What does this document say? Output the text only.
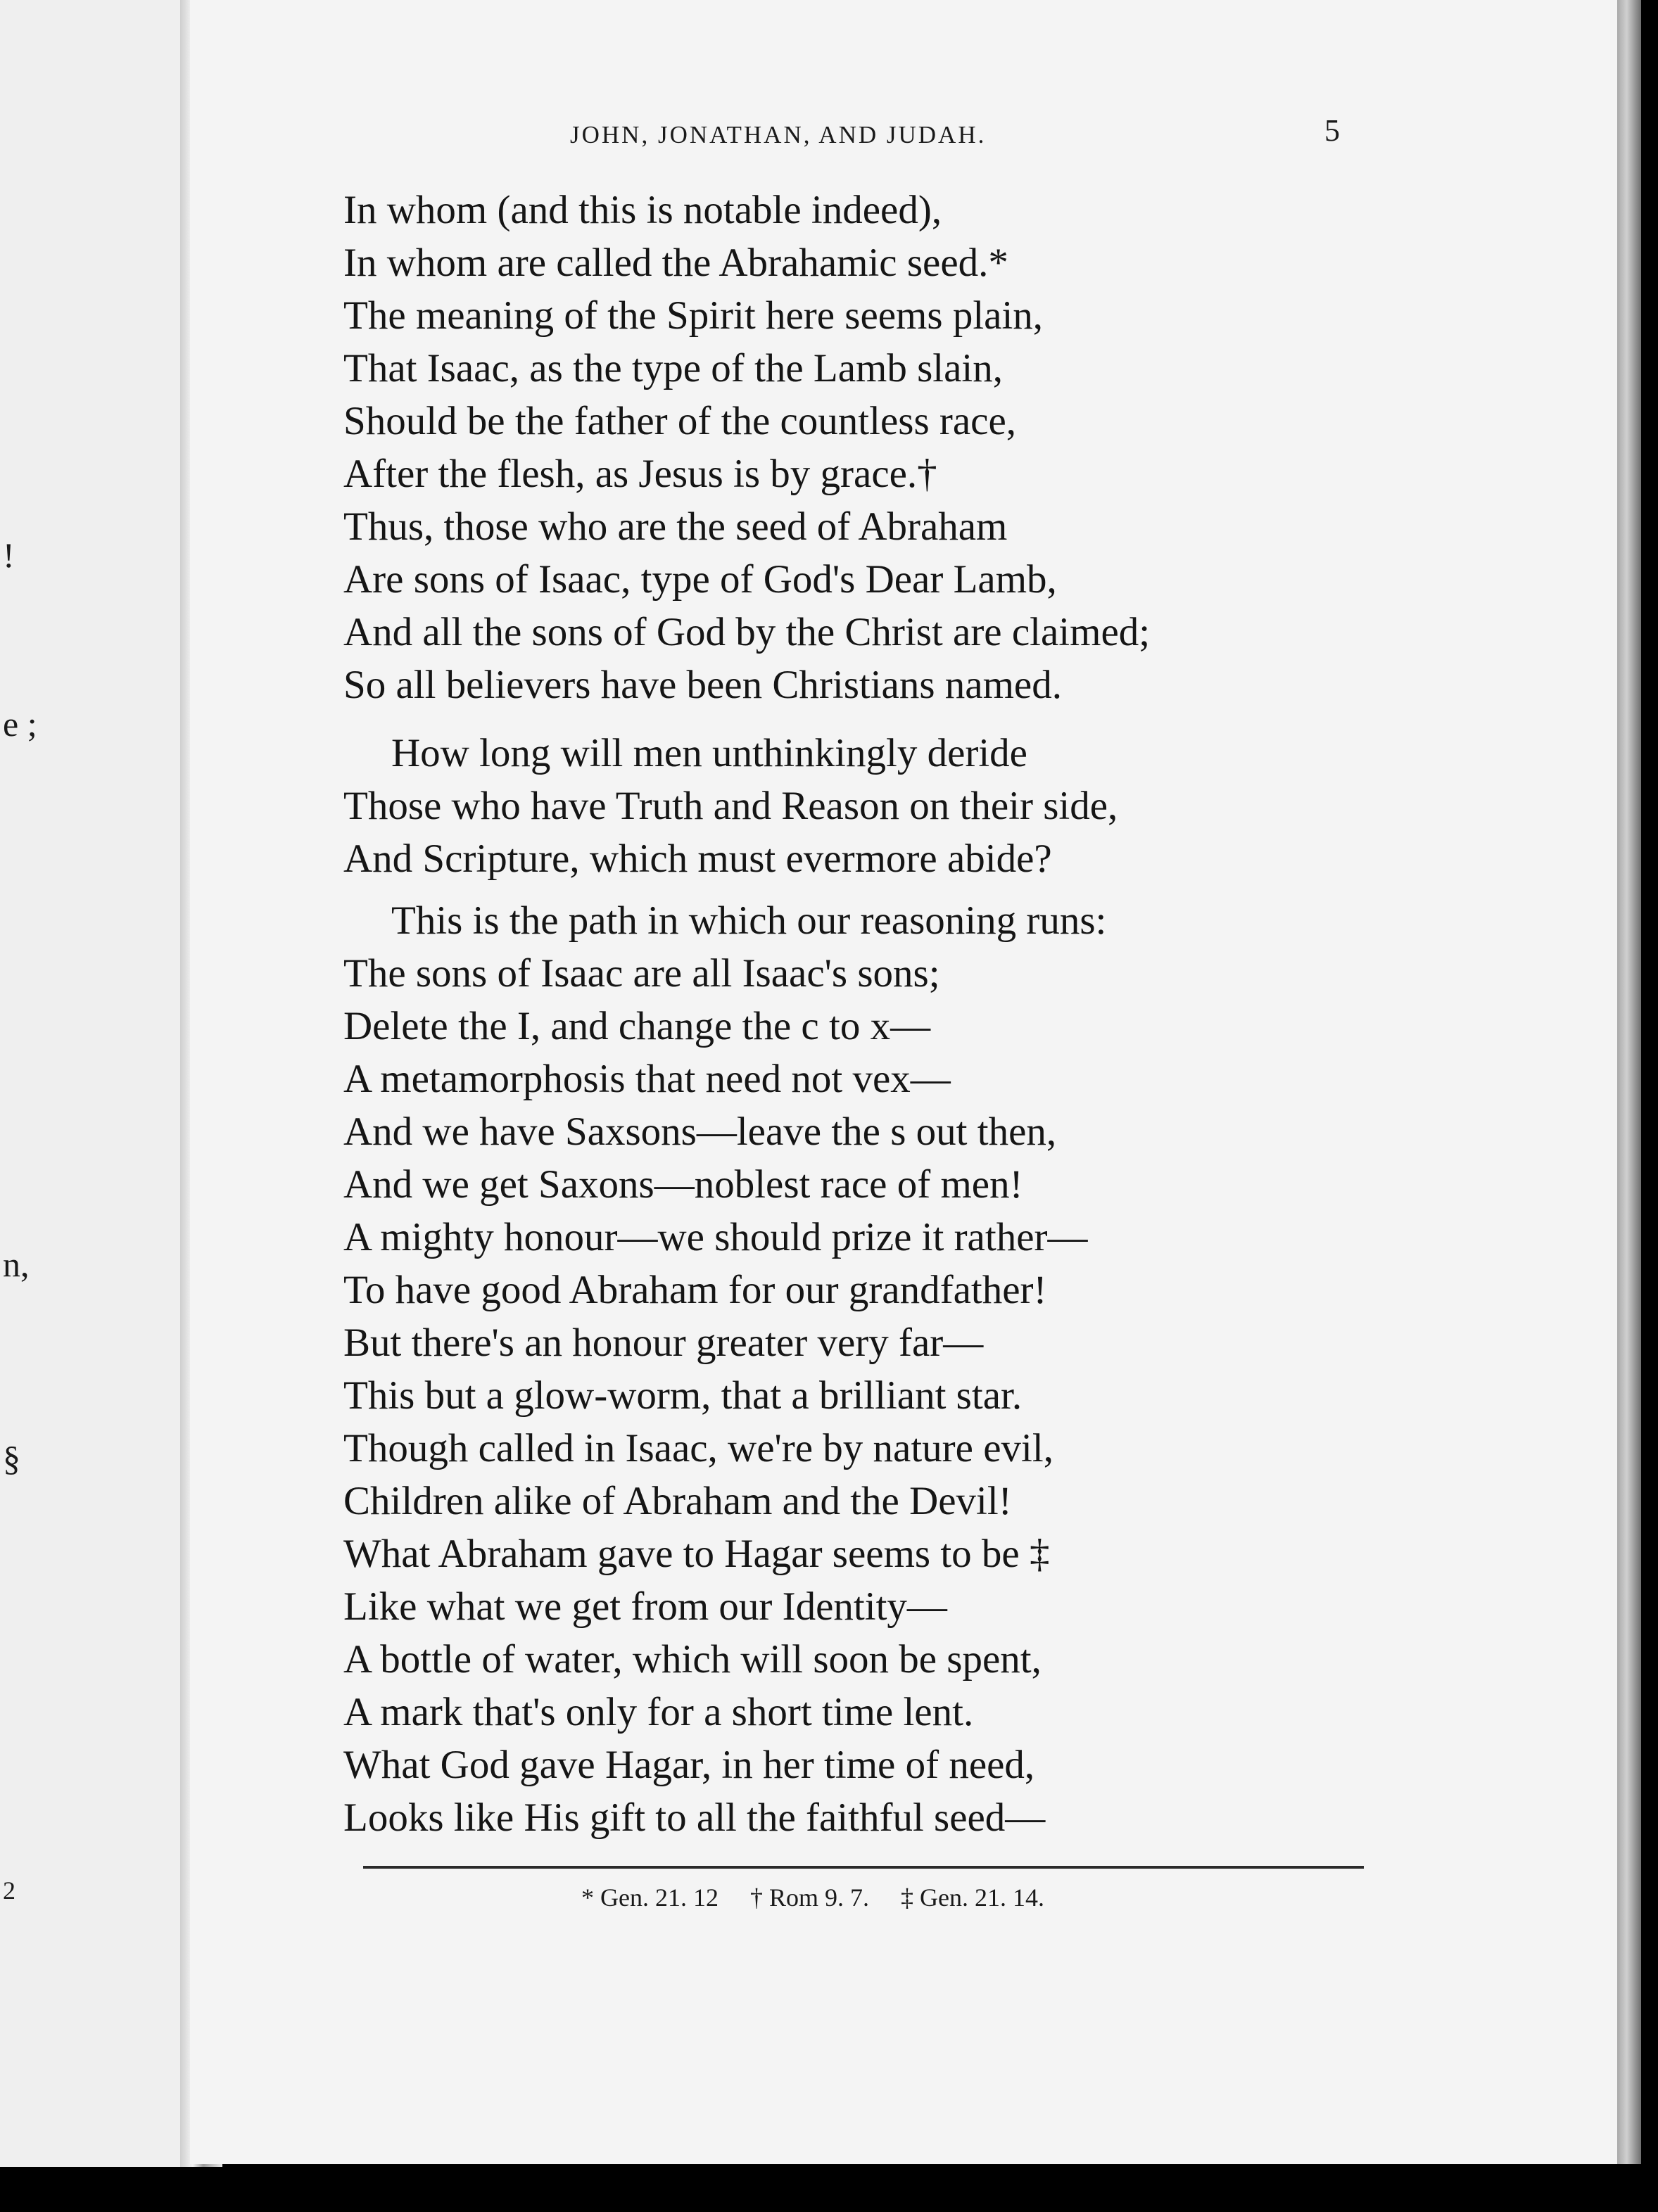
!
e ;
n,
§
2
JOHN, JONATHAN, AND JUDAH.	5
In whom (and this is notable indeed),
In whom are called the Abrahamic seed.*
The meaning of the Spirit here seems plain,
That Isaac, as the type of the Lamb slain,
Should be the father of the countless race,
After the flesh, as Jesus is by grace.†
Thus, those who are the seed of Abraham
Are sons of Isaac, type of God's Dear Lamb,
And all the sons of God by the Christ are claimed;
So all believers have been Christians named.
How long will men unthinkingly deride
Those who have Truth and Reason on their side,
And Scripture, which must evermore abide?
This is the path in which our reasoning runs:
The sons of Isaac are all Isaac's sons;
Delete the I, and change the c to x—
A metamorphosis that need not vex—
And we have Saxsons—leave the s out then,
And we get Saxons—noblest race of men!
A mighty honour—we should prize it rather—
To have good Abraham for our grandfather!
But there's an honour greater very far—
This but a glow-worm, that a brilliant star.
Though called in Isaac, we're by nature evil,
Children alike of Abraham and the Devil!
What Abraham gave to Hagar seems to be ‡
Like what we get from our Identity—
A bottle of water, which will soon be spent,
A mark that's only for a short time lent.
What God gave Hagar, in her time of need,
Looks like His gift to all the faithful seed—
* Gen. 21. 12 † Rom 9. 7. ‡ Gen. 21. 14.
